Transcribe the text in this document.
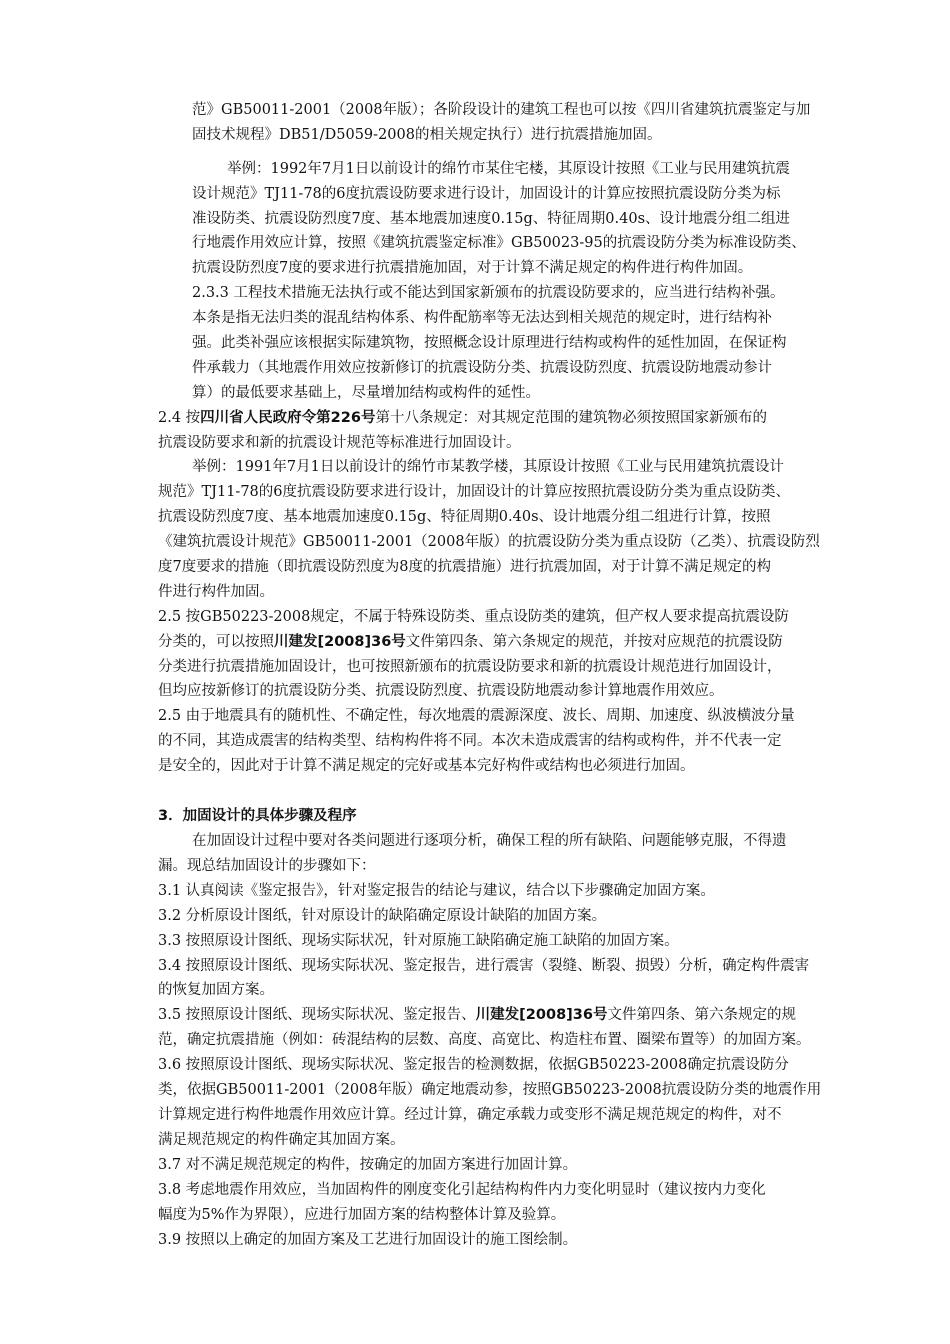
范》GB50011-2001（2008年版）；各阶段设计的建筑工程也可以按《四川省建筑抗震鉴定与加
固技术规程》DB51/D5059-2008的相关规定执行）进行抗震措施加固。
举例：1992年7月1日以前设计的绵竹市某住宅楼，其原设计按照《工业与民用建筑抗震
设计规范》TJ11-78的6度抗震设防要求进行设计，加固设计的计算应按照抗震设防分类为标
准设防类、抗震设防烈度7度、基本地震加速度0.15g、特征周期0.40s、设计地震分组二组进
行地震作用效应计算，按照《建筑抗震鉴定标准》GB50023-95的抗震设防分类为标准设防类、
抗震设防烈度7度的要求进行抗震措施加固，对于计算不满足规定的构件进行构件加固。
2.3.3 工程技术措施无法执行或不能达到国家新颁布的抗震设防要求的，应当进行结构补强。
本条是指无法归类的混乱结构体系、构件配筋率等无法达到相关规范的规定时，进行结构补
强。此类补强应该根据实际建筑物，按照概念设计原理进行结构或构件的延性加固，在保证构
件承载力（其地震作用效应按新修订的抗震设防分类、抗震设防烈度、抗震设防地震动参计
算）的最低要求基础上，尽量增加结构或构件的延性。
2.4 按四川省人民政府令第226号第十八条规定：对其规定范围的建筑物必须按照国家新颁布的
抗震设防要求和新的抗震设计规范等标准进行加固设计。
举例：1991年7月1日以前设计的绵竹市某教学楼，其原设计按照《工业与民用建筑抗震设计
规范》TJ11-78的6度抗震设防要求进行设计，加固设计的计算应按照抗震设防分类为重点设防类、
抗震设防烈度7度、基本地震加速度0.15g、特征周期0.40s、设计地震分组二组进行计算，按照
《建筑抗震设计规范》GB50011-2001（2008年版）的抗震设防分类为重点设防（乙类）、抗震设防烈
度7度要求的措施（即抗震设防烈度为8度的抗震措施）进行抗震加固，对于计算不满足规定的构
件进行构件加固。
2.5 按GB50223-2008规定，不属于特殊设防类、重点设防类的建筑，但产权人要求提高抗震设防
分类的，可以按照川建发[2008]36号文件第四条、第六条规定的规范，并按对应规范的抗震设防
分类进行抗震措施加固设计，也可按照新颁布的抗震设防要求和新的抗震设计规范进行加固设计，
但均应按新修订的抗震设防分类、抗震设防烈度、抗震设防地震动参计算地震作用效应。
2.5 由于地震具有的随机性、不确定性，每次地震的震源深度、波长、周期、加速度、纵波横波分量
的不同，其造成震害的结构类型、结构构件将不同。本次未造成震害的结构或构件，并不代表一定
是安全的，因此对于计算不满足规定的完好或基本完好构件或结构也必须进行加固。
3．加固设计的具体步骤及程序
在加固设计过程中要对各类问题进行逐项分析，确保工程的所有缺陷、问题能够克服，不得遗
漏。现总结加固设计的步骤如下：
3.1 认真阅读《鉴定报告》，针对鉴定报告的结论与建议，结合以下步骤确定加固方案。
3.2 分析原设计图纸，针对原设计的缺陷确定原设计缺陷的加固方案。
3.3 按照原设计图纸、现场实际状况，针对原施工缺陷确定施工缺陷的加固方案。
3.4 按照原设计图纸、现场实际状况、鉴定报告，进行震害（裂缝、断裂、损毁）分析，确定构件震害
的恢复加固方案。
3.5 按照原设计图纸、现场实际状况、鉴定报告、川建发[2008]36号文件第四条、第六条规定的规
范，确定抗震措施（例如：砖混结构的层数、高度、高宽比、构造柱布置、圈梁布置等）的加固方案。
3.6 按照原设计图纸、现场实际状况、鉴定报告的检测数据，依据GB50223-2008确定抗震设防分
类，依据GB50011-2001（2008年版）确定地震动参，按照GB50223-2008抗震设防分类的地震作用
计算规定进行构件地震作用效应计算。经过计算，确定承载力或变形不满足规范规定的构件，对不
满足规范规定的构件确定其加固方案。
3.7 对不满足规范规定的构件，按确定的加固方案进行加固计算。
3.8 考虑地震作用效应，当加固构件的刚度变化引起结构构件内力变化明显时（建议按内力变化
幅度为5%作为界限），应进行加固方案的结构整体计算及验算。
3.9 按照以上确定的加固方案及工艺进行加固设计的施工图绘制。
